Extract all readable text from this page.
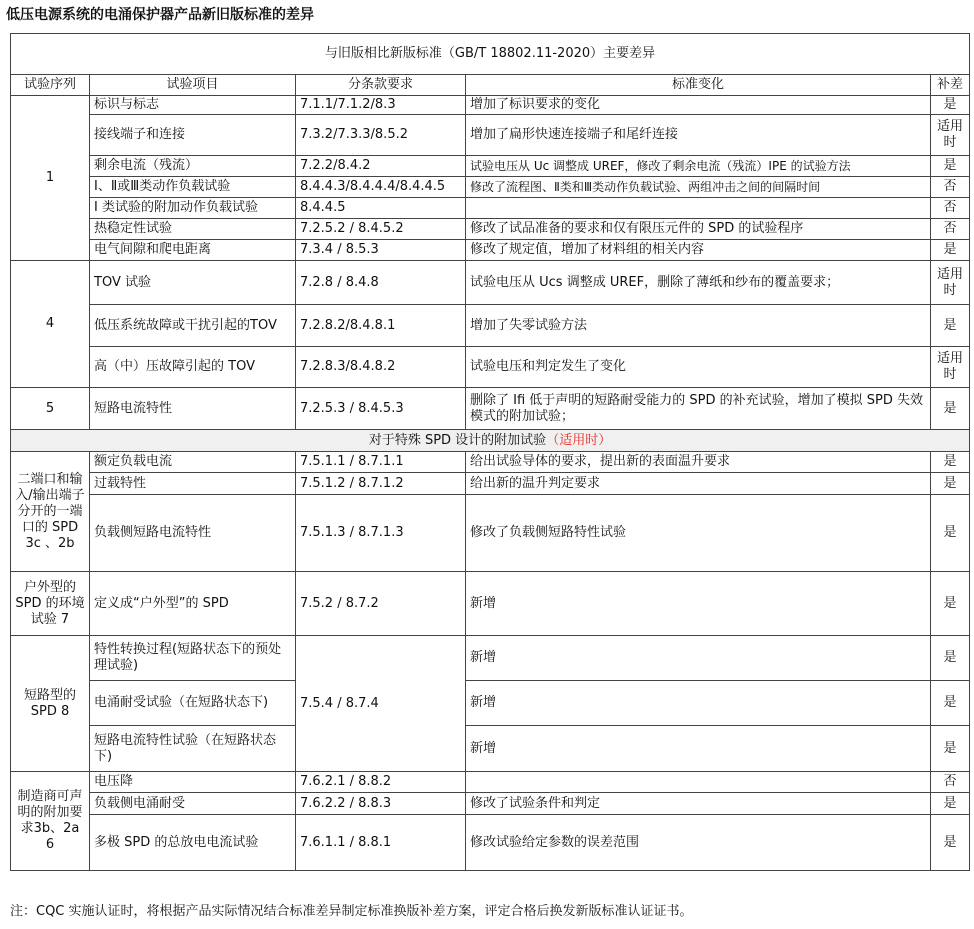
低压电源系统的电涌保护器产品新旧版标准的差异
与旧版相比新版标准（GB/T 18802.11-2020）主要差异				
试验序列	试验项目	分条款要求	标准变化	补差
1	标识与标志	7.1.1/7.1.2/8.3	增加了标识要求的变化	是
	接线端子和连接	7.3.2/7.3.3/8.5.2	增加了扁形快速连接端子和尾纤连接	适用时
	剩余电流（残流）	7.2.2/8.4.2	试验电压从 Uc 调整成 UREF，修改了剩余电流（残流）IPE 的试验方法	是
	Ⅰ、Ⅱ或Ⅲ类动作负载试验	8.4.4.3/8.4.4.4/8.4.4.5	修改了流程图、Ⅱ类和Ⅲ类动作负载试验、两组冲击之间的间隔时间	否
	I 类试验的附加动作负载试验	8.4.4.5		否
	热稳定性试验	7.2.5.2 / 8.4.5.2	修改了试品准备的要求和仅有限压元件的 SPD 的试验程序	否
	电气间隙和爬电距离	7.3.4 / 8.5.3	修改了规定值，增加了材料组的相关内容	是
4	TOV 试验	7.2.8 / 8.4.8	试验电压从 Ucs 调整成 UREF，删除了薄纸和纱布的覆盖要求；	适用时
	低压系统故障或干扰引起的TOV	7.2.8.2/8.4.8.1	增加了失零试验方法	是
	高（中）压故障引起的 TOV	7.2.8.3/8.4.8.2	试验电压和判定发生了变化	适用时
5	短路电流特性	7.2.5.3 / 8.4.5.3	删除了 Ifi 低于声明的短路耐受能力的 SPD 的补充试验，增加了模拟 SPD 失效模式的附加试验；	是
对于特殊 SPD 设计的附加试验（适用时）				
二端口和输入/输出端子分开的一端口的 SPD 3c 、2b	额定负载电流	7.5.1.1 / 8.7.1.1	给出试验导体的要求，提出新的表面温升要求	是
	过载特性	7.5.1.2 / 8.7.1.2	给出新的温升判定要求	是
	负载侧短路电流特性	7.5.1.3 / 8.7.1.3	修改了负载侧短路特性试验	是
户外型的SPD 的环境试验 7	定义成“户外型”的 SPD	7.5.2 / 8.7.2	新增	是
短路型的SPD 8	特性转换过程(短路状态下的预处理试验)	7.5.4 / 8.7.4	新增	是
	电涌耐受试验（在短路状态下)		新增	是
	短路电流特性试验（在短路状态下)		新增	是
制造商可声明的附加要求3b、2a 6	电压降	7.6.2.1 / 8.8.2		否
	负载侧电涌耐受	7.6.2.2 / 8.8.3	修改了试验条件和判定	是
	多极 SPD 的总放电电流试验	7.6.1.1 / 8.8.1	修改试验给定参数的误差范围	是
注：CQC 实施认证时，将根据产品实际情况结合标准差异制定标准换版补差方案，评定合格后换发新版标准认证证书。
